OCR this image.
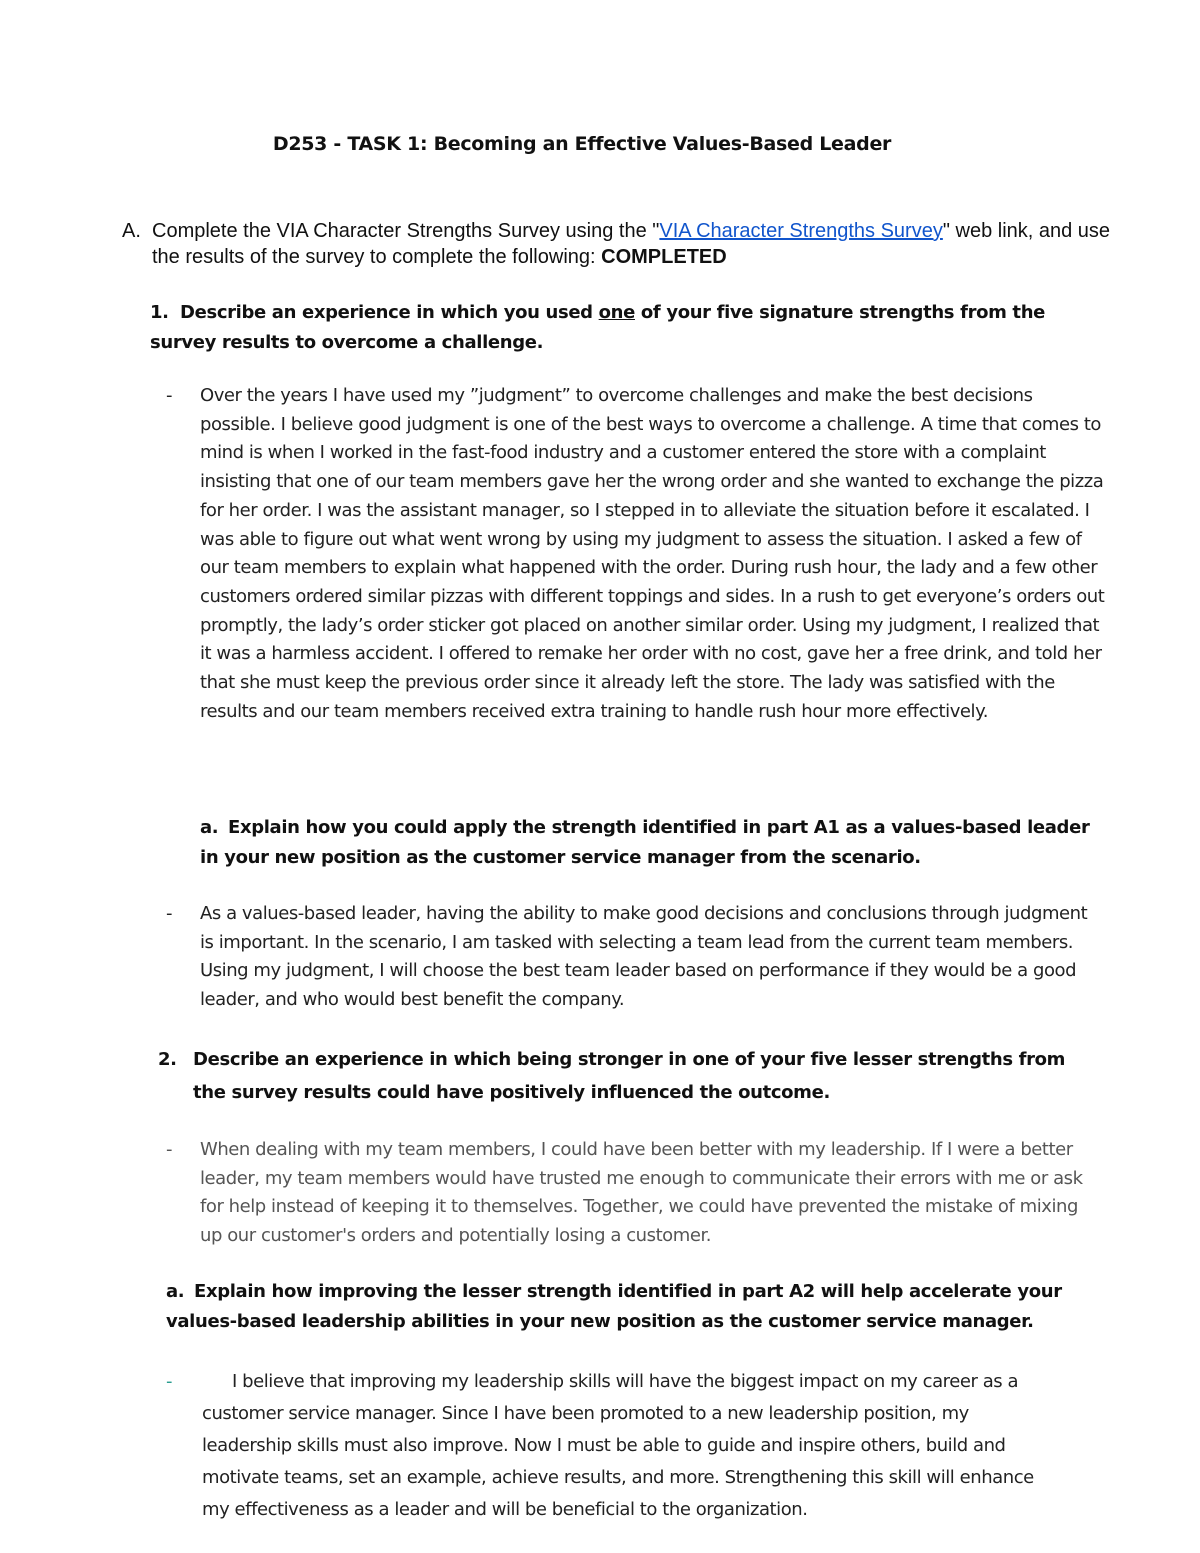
D253 - TASK 1: Becoming an Effective Values-Based Leader
A. Complete the VIA Character Strengths Survey using the "VIA Character Strengths Survey" web link, and use the results of the survey to complete the following: COMPLETED
1. Describe an experience in which you used one of your five signature strengths from the survey results to overcome a challenge.
- Over the years I have used my ”judgment” to overcome challenges and make the best decisions possible. I believe good judgment is one of the best ways to overcome a challenge. A time that comes to mind is when I worked in the fast-food industry and a customer entered the store with a complaint insisting that one of our team members gave her the wrong order and she wanted to exchange the pizza for her order. I was the assistant manager, so I stepped in to alleviate the situation before it escalated. I was able to figure out what went wrong by using my judgment to assess the situation. I asked a few of our team members to explain what happened with the order. During rush hour, the lady and a few other customers ordered similar pizzas with different toppings and sides. In a rush to get everyone’s orders out promptly, the lady’s order sticker got placed on another similar order. Using my judgment, I realized that it was a harmless accident. I offered to remake her order with no cost, gave her a free drink, and told her that she must keep the previous order since it already left the store. The lady was satisfied with the results and our team members received extra training to handle rush hour more effectively.
a. Explain how you could apply the strength identified in part A1 as a values-based leader in your new position as the customer service manager from the scenario.
- As a values-based leader, having the ability to make good decisions and conclusions through judgment is important. In the scenario, I am tasked with selecting a team lead from the current team members. Using my judgment, I will choose the best team leader based on performance if they would be a good leader, and who would best benefit the company.
2. Describe an experience in which being stronger in one of your five lesser strengths from the survey results could have positively influenced the outcome.
- When dealing with my team members, I could have been better with my leadership. If I were a better leader, my team members would have trusted me enough to communicate their errors with me or ask for help instead of keeping it to themselves. Together, we could have prevented the mistake of mixing up our customer's orders and potentially losing a customer.
a. Explain how improving the lesser strength identified in part A2 will help accelerate your values-based leadership abilities in your new position as the customer service manager.
-	I believe that improving my leadership skills will have the biggest impact on my career as a customer service manager. Since I have been promoted to a new leadership position, my leadership skills must also improve. Now I must be able to guide and inspire others, build and motivate teams, set an example, achieve results, and more. Strengthening this skill will enhance my effectiveness as a leader and will be beneficial to the organization.
